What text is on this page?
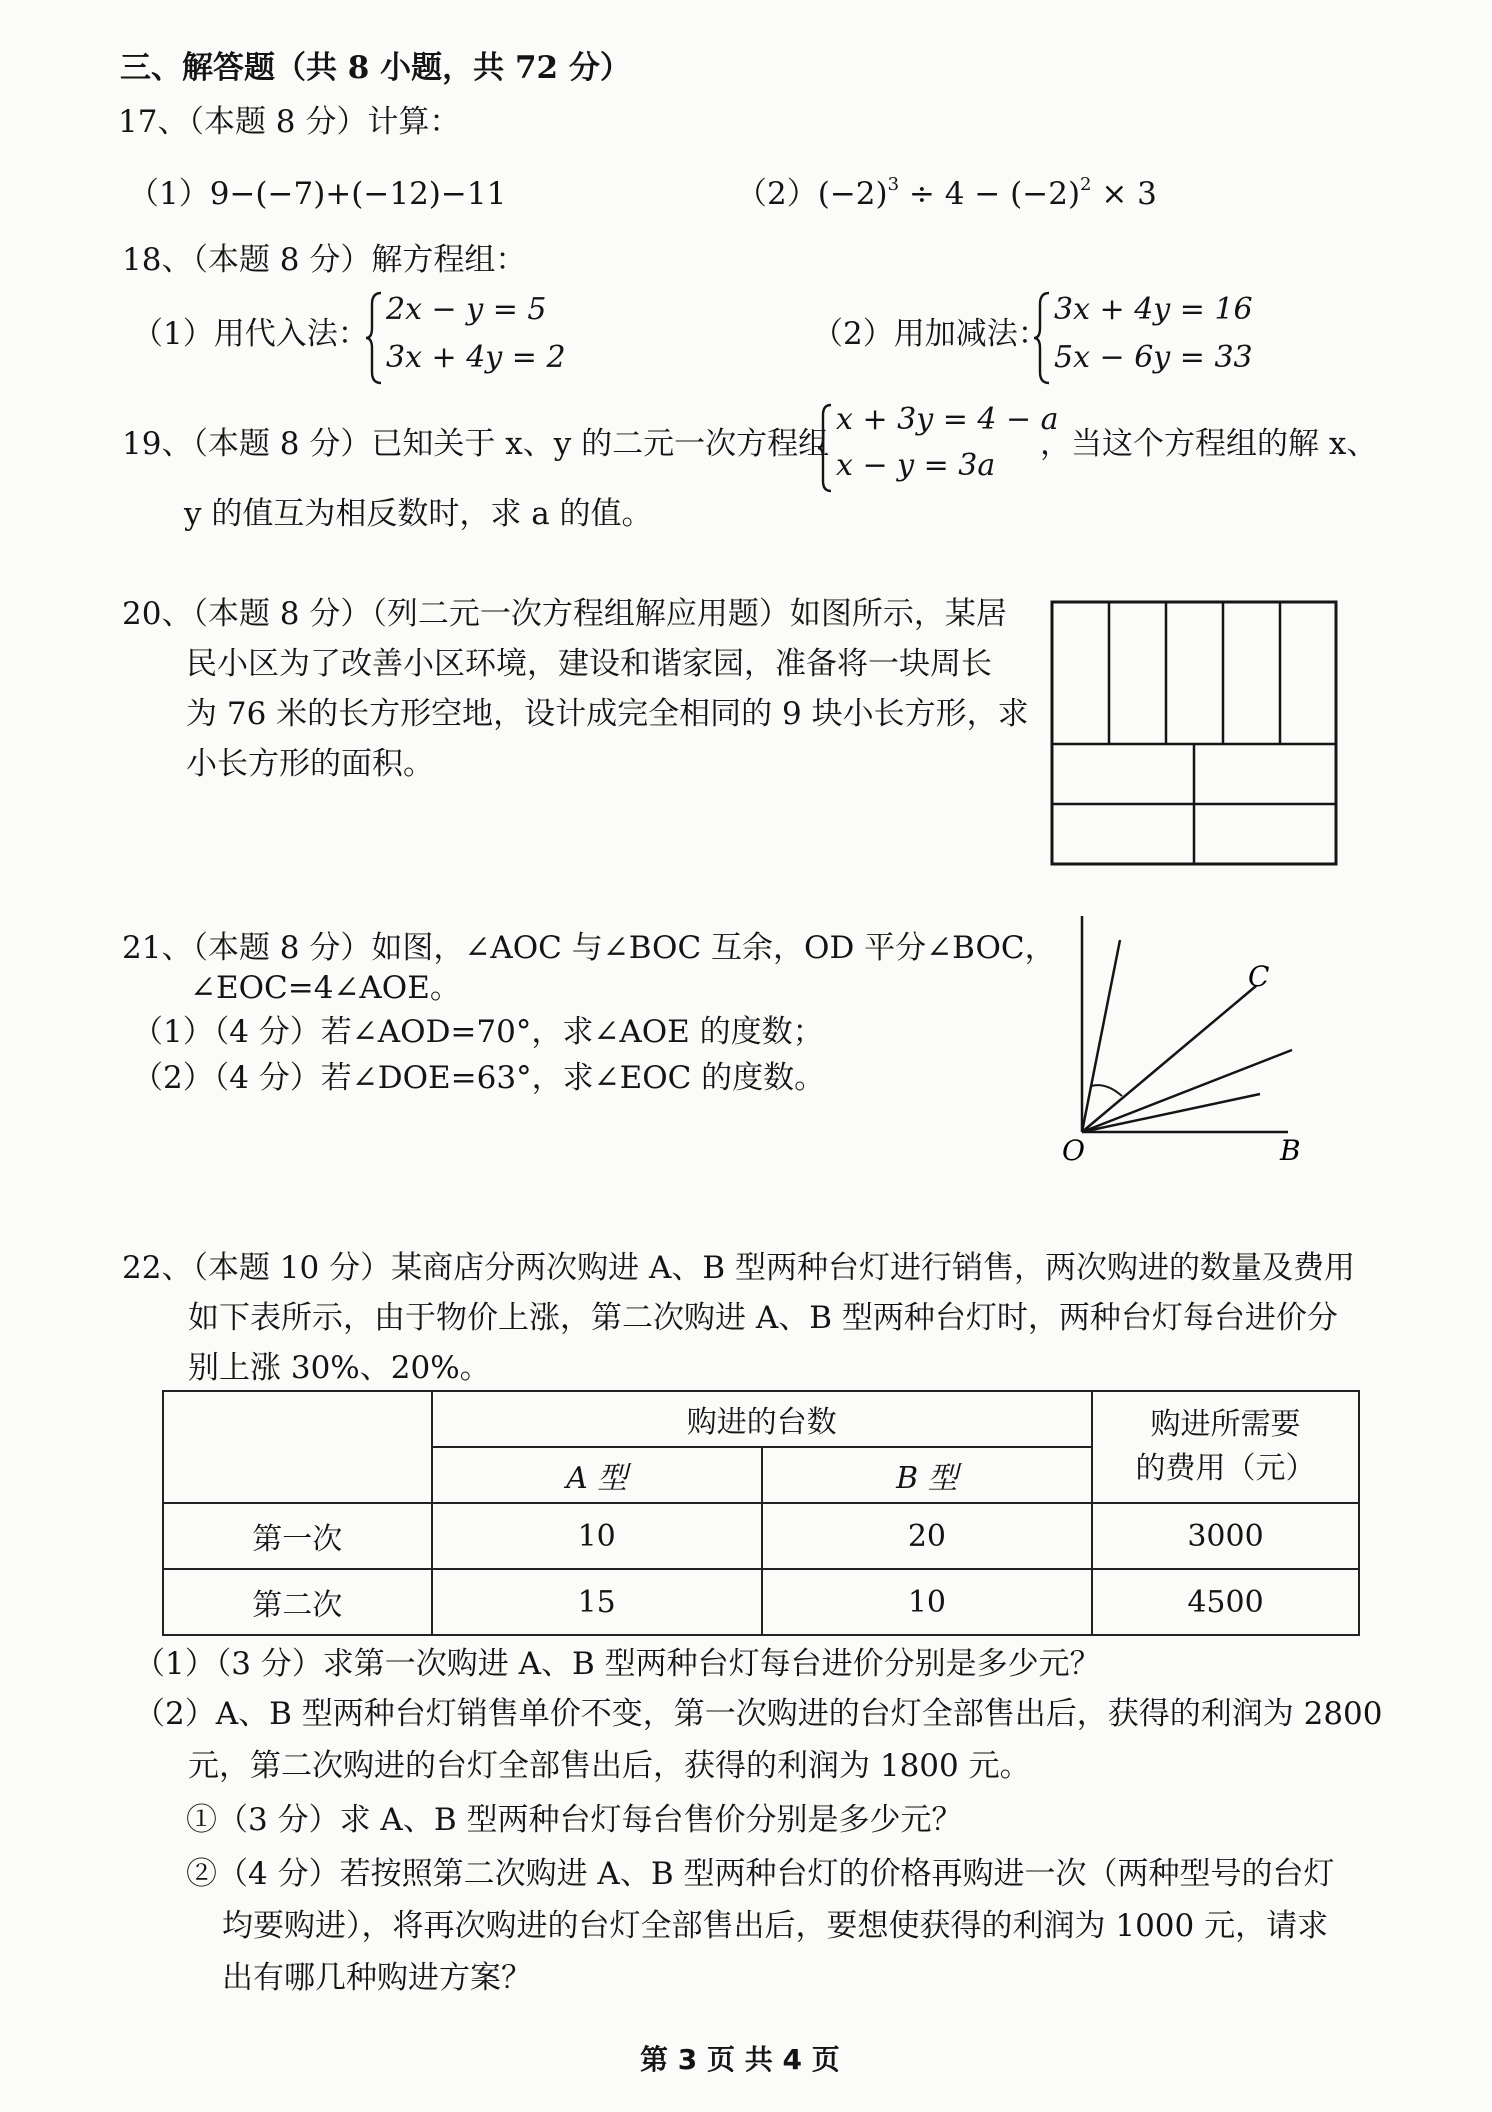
三、解答题（共 8 小题，共 72 分）
17、（本题 8 分）计算：
（1）9−(−7)+(−12)−11	$(2)(-2)^3 \div 4 - (-2)^2 \times 3$
18、（本题 8 分）解方程组：
（1）用代入法：
2x − y = 5
3x + 4y = 2
（2）用加减法：
3x + 4y = 16
5x − 6y = 33
19、（本题 8 分）已知关于 x、y 的二元一次方程组
x + 3y = 4 − a
x − y = 3a
，当这个方程组的解 x、
y 的值互为相反数时，求 a 的值。
20、（本题 8 分）（列二元一次方程组解应用题）如图所示，某居
民小区为了改善小区环境，建设和谐家园，准备将一块周长
为 76 米的长方形空地，设计成完全相同的 9 块小长方形，求
小长方形的面积。
21、（本题 8 分）如图，∠AOC 与∠BOC 互余，OD 平分∠BOC，
∠EOC=4∠AOE。
（1）（4 分）若∠AOD=70°，求∠AOE 的度数；
（2）（4 分）若∠DOE=63°，求∠EOC 的度数。
O	B
C
22、（本题 10 分）某商店分两次购进 A、B 型两种台灯进行销售，两次购进的数量及费用
如下表所示，由于物价上涨，第二次购进 A、B 型两种台灯时，两种台灯每台进价分
别上涨 30%、20%。
	购进的台数		购进所需要
的费用（元）

	A 型	B 型	
第一次	10	20	3000
第二次	15	10	4500
（1）（3 分）求第一次购进 A、B 型两种台灯每台进价分别是多少元？
（2）A、B 型两种台灯销售单价不变，第一次购进的台灯全部售出后，获得的利润为 2800
元，第二次购进的台灯全部售出后，获得的利润为 1800 元。
①（3 分）求 A、B 型两种台灯每台售价分别是多少元？
②（4 分）若按照第二次购进 A、B 型两种台灯的价格再购进一次（两种型号的台灯
均要购进），将再次购进的台灯全部售出后，要想使获得的利润为 1000 元，请求
出有哪几种购进方案？
第 3 页 共 4 页
